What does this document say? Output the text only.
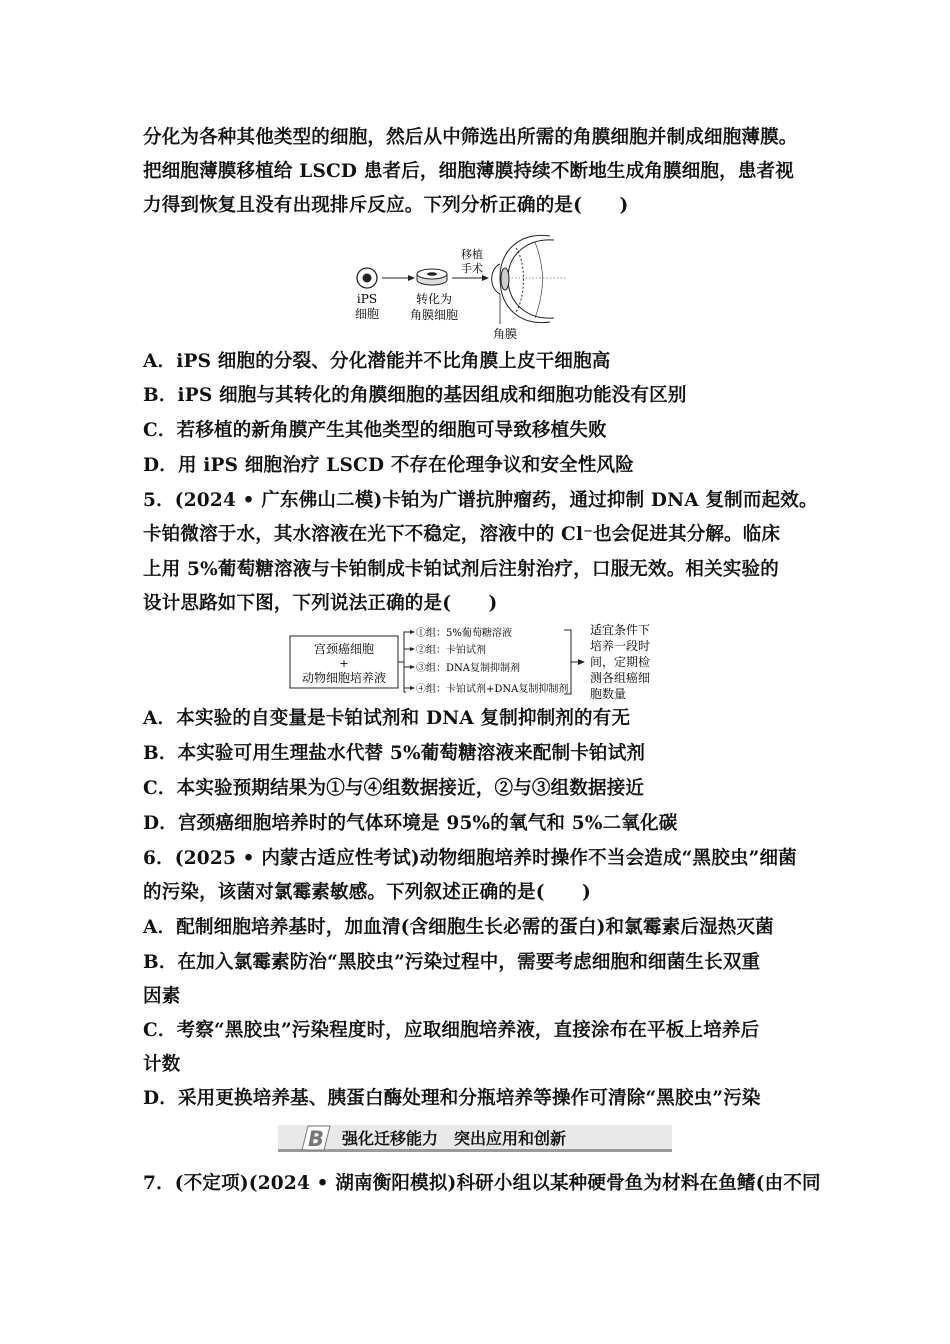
分化为各种其他类型的细胞，然后从中筛选出所需的角膜细胞并制成细胞薄膜。
把细胞薄膜移植给 LSCD 患者后，细胞薄膜持续不断地生成角膜细胞，患者视
力得到恢复且没有出现排斥反应。下列分析正确的是(　　)
iPS
细胞
转化为
角膜细胞
移植
手术
角膜
A．iPS 细胞的分裂、分化潜能并不比角膜上皮干细胞高
B．iPS 细胞与其转化的角膜细胞的基因组成和细胞功能没有区别
C．若移植的新角膜产生其他类型的细胞可导致移植失败
D．用 iPS 细胞治疗 LSCD 不存在伦理争议和安全性风险
5．(2024 • 广东佛山二模)卡铂为广谱抗肿瘤药，通过抑制 DNA 复制而起效。
卡铂微溶于水，其水溶液在光下不稳定，溶液中的 Cl⁻也会促进其分解。临床
上用 5%葡萄糖溶液与卡铂制成卡铂试剂后注射治疗，口服无效。相关实验的
设计思路如下图，下列说法正确的是(　　)
宫颈癌细胞
+
动物细胞培养液
①组：5%葡萄糖溶液
②组：卡铂试剂
③组：DNA复制抑制剂
④组：卡铂试剂+DNA复制抑制剂
适宜条件下
培养一段时
间，定期检
测各组癌细
胞数量
A．本实验的自变量是卡铂试剂和 DNA 复制抑制剂的有无
B．本实验可用生理盐水代替 5%葡萄糖溶液来配制卡铂试剂
C．本实验预期结果为①与④组数据接近，②与③组数据接近
D．宫颈癌细胞培养时的气体环境是 95%的氧气和 5%二氧化碳
6．(2025 • 内蒙古适应性考试)动物细胞培养时操作不当会造成“黑胶虫”细菌
的污染，该菌对氯霉素敏感。下列叙述正确的是(　　)
A．配制细胞培养基时，加血清(含细胞生长必需的蛋白)和氯霉素后湿热灭菌
B．在加入氯霉素防治“黑胶虫”污染过程中，需要考虑细胞和细菌生长双重
因素
C．考察“黑胶虫”污染程度时，应取细胞培养液，直接涂布在平板上培养后
计数
D．采用更换培养基、胰蛋白酶处理和分瓶培养等操作可清除“黑胶虫”污染
B 强化迁移能力　突出应用和创新
7．(不定项)(2024 • 湖南衡阳模拟)科研小组以某种硬骨鱼为材料在鱼鳍(由不同
